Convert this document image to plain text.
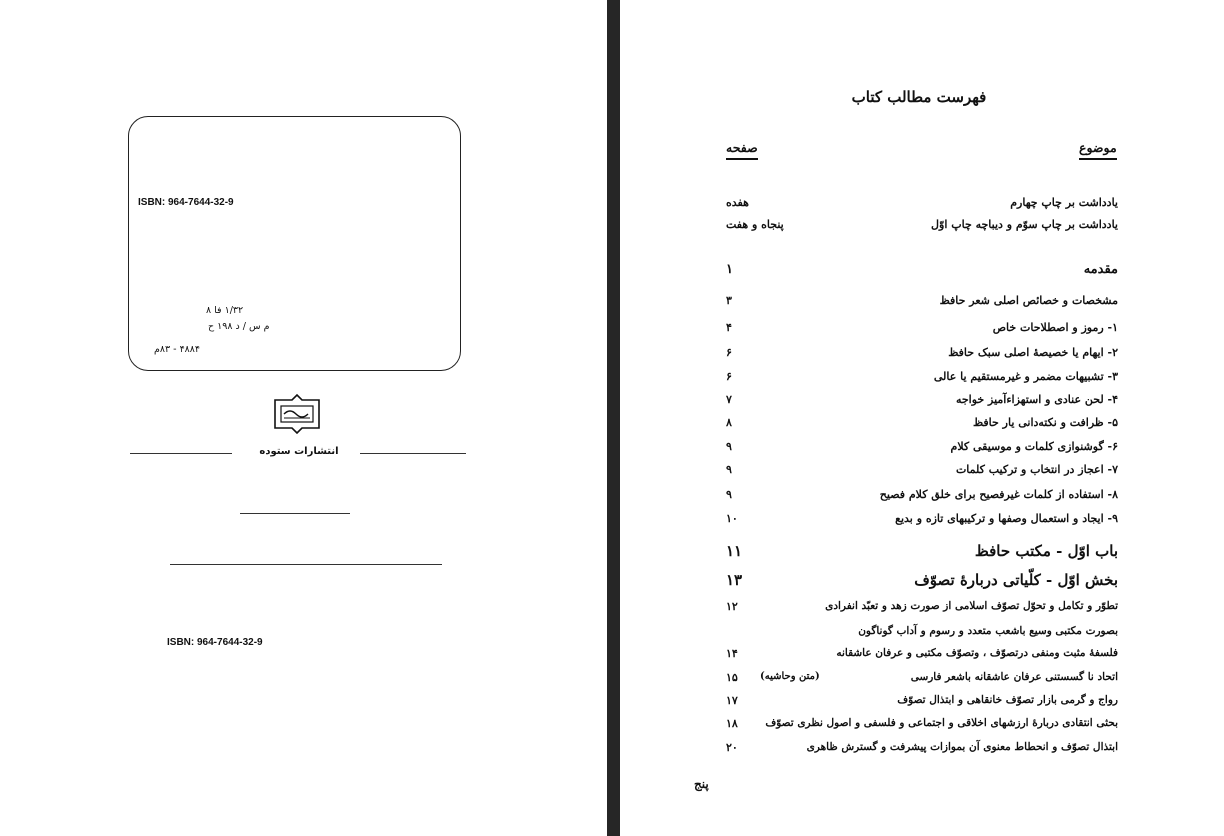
ISBN: 964-7644-32-9
۱/۳۲ فا ۸
م س / د ۱۹۸ ح
۴۸۸۴ - ۸۳م
انتشارات ستوده
ISBN: 964-7644-32-9
فهرست مطالب کتاب
موضوع
صفحه
یادداشت بر چاپ چهارم
هفده
یادداشت بر چاپ سوّم و دیباچه چاپ اوّل
پنجاه و هفت
مقدمه
۱
مشخصات و خصائص اصلی شعر حافظ
۳
۱- رموز و اصطلاحات خاص
۴
۲- ایهام یا خصیصهٔ اصلی سبک حافظ
۶
۳- تشبیهات مضمر و غیرمستقیم یا عالی
۶
۴- لحن عنادی و استهزاءآمیز خواجه
۷
۵- ظرافت و نکته‌دانی یار حافظ
۸
۶- گوشنوازی کلمات و موسیقی کلام
۹
۷- اعجاز در انتخاب و ترکیب کلمات
۹
۸- استفاده از کلمات غیرفصیح برای خلق کلام فصیح
۹
۹- ایجاد و استعمال وصفها و ترکیبهای تازه و بدیع
۱۰
باب اوّل - مکتب حافظ
۱۱
بخش اوّل - کلّیاتی دربارهٔ تصوّف
۱۳
تطوّر و تکامل و تحوّل تصوّف اسلامی از صورت زهد و تعبّد انفرادی
۱۲
بصورت مکتبی وسیع باشعب متعدد و رسوم و آداب گوناگون
فلسفهٔ مثبت ومنفی درتصوّف ، وتصوّف مکتبی و عرفان عاشقانه
۱۴
اتحاد نا گسستنی عرفان عاشقانه باشعر فارسی
۱۵ (متن وحاشیه)
رواج و گرمی بازار تصوّف خانقاهی و ابتذال تصوّف
۱۷
بحثی انتقادی دربارهٔ ارزشهای اخلاقی و اجتماعی و فلسفی و اصول نظری تصوّف
۱۸
ابتذال تصوّف و انحطاط معنوی آن بموازات پیشرفت و گسترش ظاهری
۲۰
پنج
